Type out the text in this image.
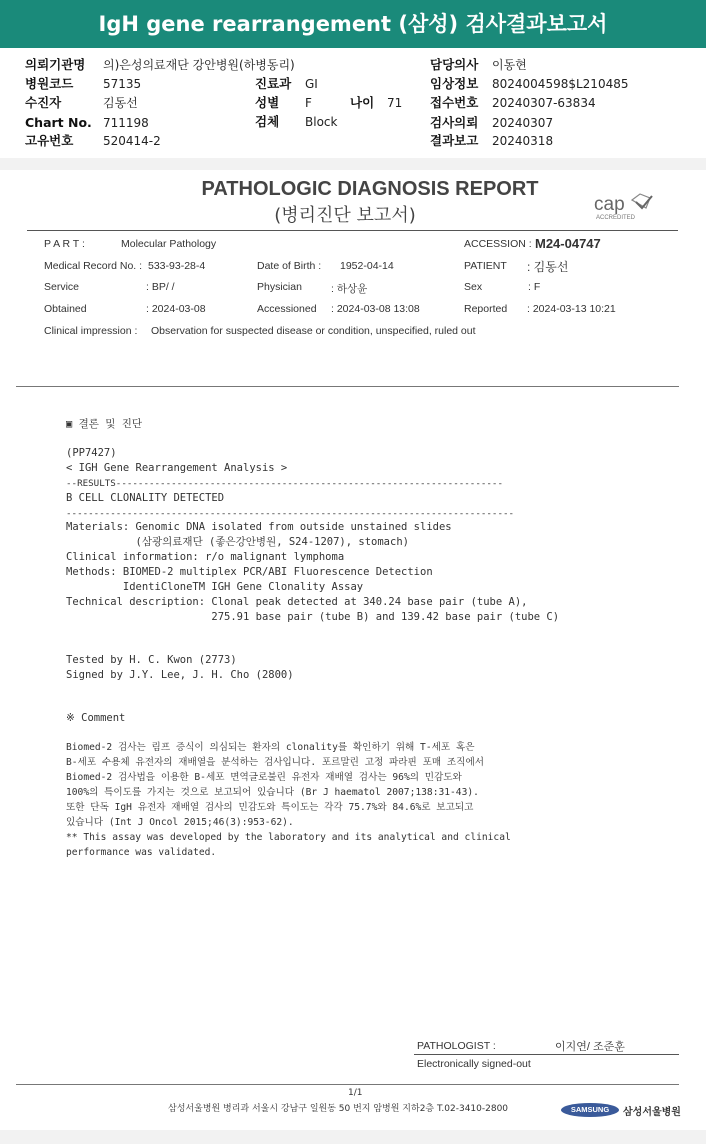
IgH gene rearrangement (삼성) 검사결과보고서
의뢰기관명 의)은성의료재단 강안병원(하병동리)
병원코드 57135
수진자	김동선
Chart No. 711198
고유번호 520414-2
진료과 GI
성별 F	나이 71
검체 Block
담당의사 이동현
임상정보 8024004598$L210485
접수번호 20240307-63834
검사의뢰 20240307
결과보고 20240318
PATHOLOGIC DIAGNOSIS REPORT
(병리진단 보고서)
cap
ACCREDITED
P A R T :	Molecular Pathology	ACCESSION : M24-04747
Medical Record No. : 533-93-28-4	Date of Birth : 1952-04-14	PATIENT : 김동선
Service	: BP/ /	Physician	: 하상윤	Sex	: F
Obtained	: 2024-03-08	Accessioned : 2024-03-08 13:08	Reported : 2024-03-13 10:21
Clinical impression : Observation for suspected disease or condition, unspecified, ruled out
▣ 결론 및 진단
(PP7427)
< IGH Gene Rearrangement Analysis >
--RESULTS----------------------------------------------------------------------
B CELL CLONALITY DETECTED
---------------------------------------------------------------------------------
Materials: Genomic DNA isolated from outside unstained slides
(삼광의료재단 (좋은강안병원, S24-1207), stomach)
Clinical information: r/o malignant lymphoma
Methods: BIOMED-2 multiplex PCR/ABI Fluorescence Detection
IdentiCloneTM IGH Gene Clonality Assay
Technical description: Clonal peak detected at 340.24 base pair (tube A),
275.91 base pair (tube B) and 139.42 base pair (tube C)
Tested by H. C. Kwon (2773)
Signed by J.Y. Lee, J. H. Cho (2800)
※ Comment
Biomed-2 검사는 림프 증식이 의심되는 환자의 clonality를 확인하기 위해 T-세포 혹은
B-세포 수용체 유전자의 재배열을 분석하는 검사입니다. 포르말린 고정 파라핀 포매 조직에서
Biomed-2 검사법을 이용한 B-세포 면역글로불린 유전자 재배열 검사는 96%의 민감도와
100%의 특이도를 가지는 것으로 보고되어 있습니다 (Br J haematol 2007;138:31-43).
또한 단독 IgH 유전자 재배열 검사의 민감도와 특이도는 각각 75.7%와 84.6%로 보고되고
있습니다 (Int J Oncol 2015;46(3):953-62).
** This assay was developed by the laboratory and its analytical and clinical
performance was validated.
PATHOLOGIST :	이지연/ 조준훈
Electronically signed-out
1/1
삼성서울병원 병리과 서울시 강남구 일원동 50 번지 암병원 지하2층 T.02-3410-2800	SAMSUNG	삼성서울병원
